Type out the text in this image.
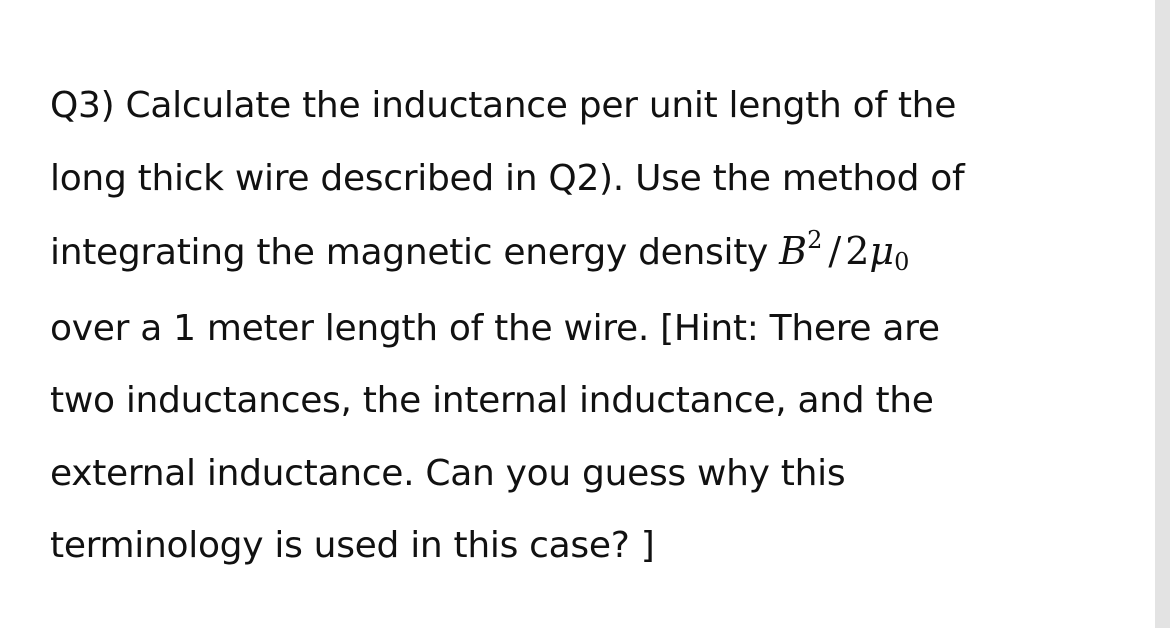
Q3) Calculate the inductance per unit length of the
long thick wire described in Q2). Use the method of
integrating the magnetic energy density $B^2 / 2\mu_0$
over a 1 meter length of the wire. [Hint: There are
two inductances, the internal inductance, and the
external inductance. Can you guess why this
terminology is used in this case? ]
